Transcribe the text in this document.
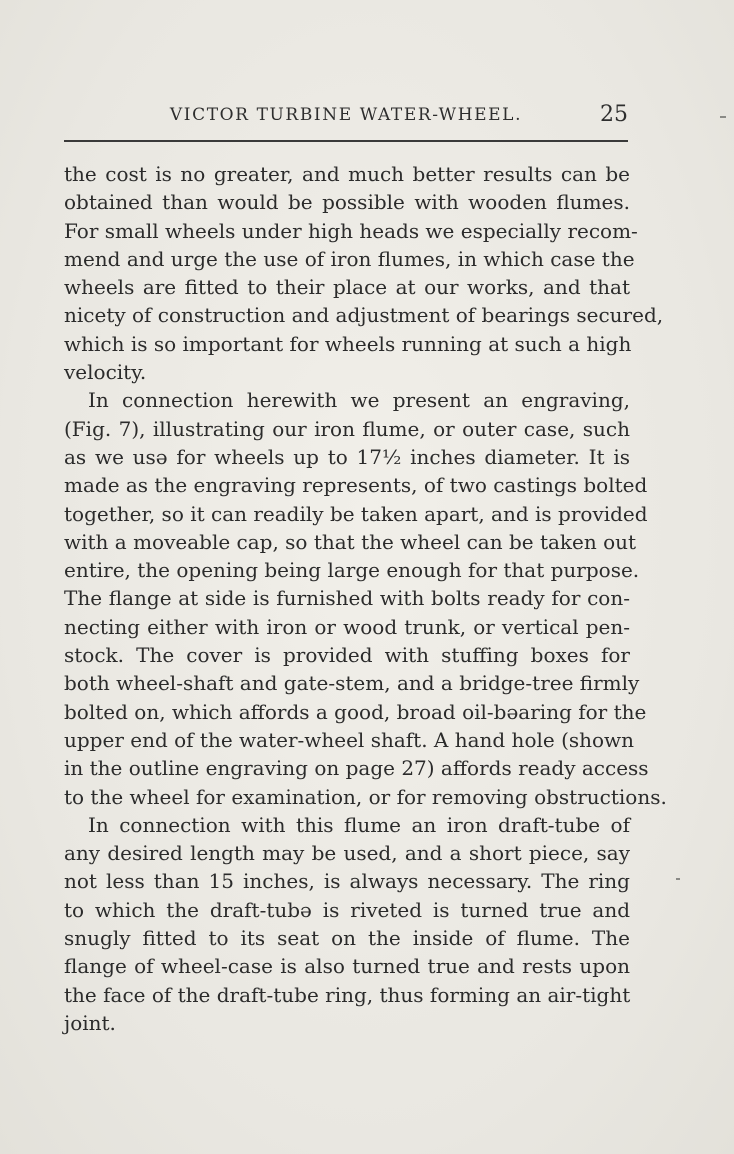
VICTOR TURBINE WATER-WHEEL.	25
the cost is no greater, and much better results can be
obtained than would be possible with wooden flumes.
For small wheels under high heads we especially recom-
mend and urge the use of iron flumes, in which case the
wheels are fitted to their place at our works, and that
nicety of construction and adjustment of bearings secured,
which is so important for wheels running at such a high
velocity.
In connection herewith we present an engraving,
(Fig. 7), illustrating our iron flume, or outer case, such
as we usə for wheels up to 17½ inches diameter. It is
made as the engraving represents, of two castings bolted
together, so it can readily be taken apart, and is provided
with a moveable cap, so that the wheel can be taken out
entire, the opening being large enough for that purpose.
The flange at side is furnished with bolts ready for con-
necting either with iron or wood trunk, or vertical pen-
stock. The cover is provided with stuffing boxes for
both wheel-shaft and gate-stem, and a bridge-tree firmly
bolted on, which affords a good, broad oil-bəaring for the
upper end of the water-wheel shaft. A hand hole (shown
in the outline engraving on page 27) affords ready access
to the wheel for examination, or for removing obstructions.
In connection with this flume an iron draft-tube of
any desired length may be used, and a short piece, say
not less than 15 inches, is always necessary. The ring
to which the draft-tubə is riveted is turned true and
snugly fitted to its seat on the inside of flume. The
flange of wheel-case is also turned true and rests upon
the face of the draft-tube ring, thus forming an air-tight
joint.
